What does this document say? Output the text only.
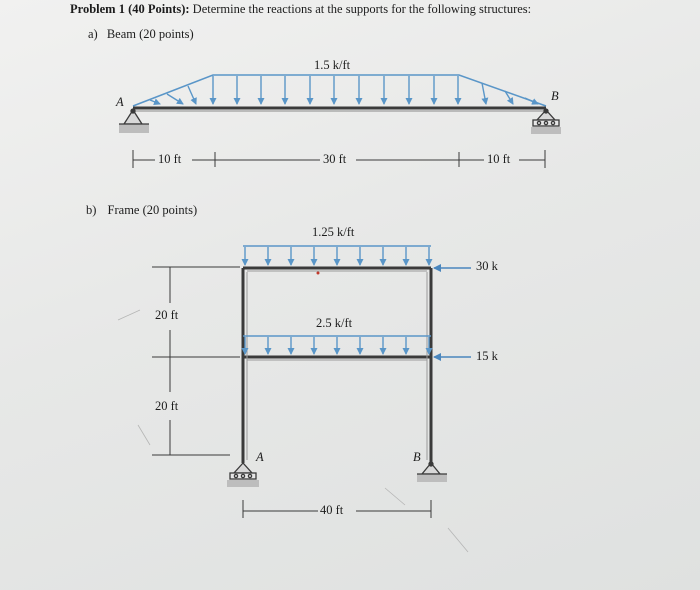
Problem 1 (40 Points): Determine the reactions at the supports for the following structures:
a) Beam (20 points)
b) Frame (20 points)
1.5 k/ft
A	B
10 ft	30 ft	10 ft
1.25 k/ft
2.5 k/ft
30 k
15 k
20 ft
20 ft
40 ft
A	B
